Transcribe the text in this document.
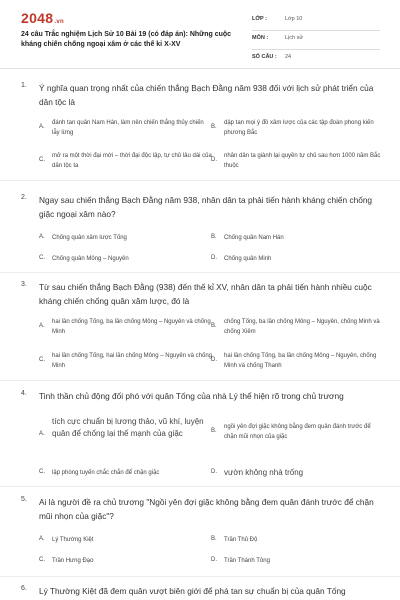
2048.vn
24 câu Trắc nghiệm Lịch Sử 10 Bài 19 (có đáp án): Những cuộc kháng chiến chống ngoại xâm ở các thế kỉ X-XV
LỚP :	Lớp 10
MÔN :	Lịch sử
SỐ CÂU : 24
1. Ý nghĩa quan trọng nhất của chiến thắng Bạch Đằng năm 938 đối với lịch sử phát triển của dân tộc là
A.
đánh tan quân Nam Hán, làm nên chiến thắng thủy chiến lẫy lừng
B.
dập tan mọi ý đồ xâm lược của các tập đoàn phong kiến phương Bắc
C.
mở ra một thời đại mới – thời đại độc lập, tự chủ lâu dài của dân tộc ta
D.
nhân dân ta giành lại quyền tự chủ sau hơn 1000 năm Bắc thuộc
2. Ngay sau chiến thắng Bạch Đằng năm 938, nhân dân ta phải tiến hành kháng chiến chống giặc ngoại xâm nào?
A. Chống quân xâm lược Tống	B. Chống quân Nam Hán
C. Chống quân Mông – Nguyên	D. Chống quân Minh
3. Từ sau chiến thắng Bạch Đằng (938) đến thế kỉ XV, nhân dân ta phải tiến hành nhiều cuộc kháng chiến chống quân xâm lược, đó là
A.
hai lần chống Tống, ba lần chống Mông – Nguyên và chống Minh
B.
chống Tống, ba lần chống Mông – Nguyên, chống Minh và chống Xiêm
C.
hai lần chống Tống, hai lần chống Mông – Nguyên và chống Minh
D.
hai lần chống Tống, ba lần chống Mông – Nguyên, chống Minh và chống Thanh
4. Tinh thần chủ động đối phó với quân Tống của nhà Lý thể hiện rõ trong chủ trương
A.
tích cực chuẩn bị lương thảo, vũ khí, luyện quân để chống lại thế mạnh của giặc	B.
ngồi yên đợi giặc không bằng đem quân đánh trước để chặn mũi nhọn của giặc
C. lập phòng tuyến chắc chắn để chặn giặc	D. vườn không nhà trống
5. Ai là người đề ra chủ trương "Ngồi yên đợi giặc không bằng đem quân đánh trước để chặn mũi nhọn của giặc"?
A. Lý Thường Kiệt	B. Trần Thủ Độ
C. Trần Hưng Đạo	D. Trần Thánh Tông
6. Lý Thường Kiệt đã đem quân vượt biên giới để phá tan sự chuẩn bị của quân Tống
